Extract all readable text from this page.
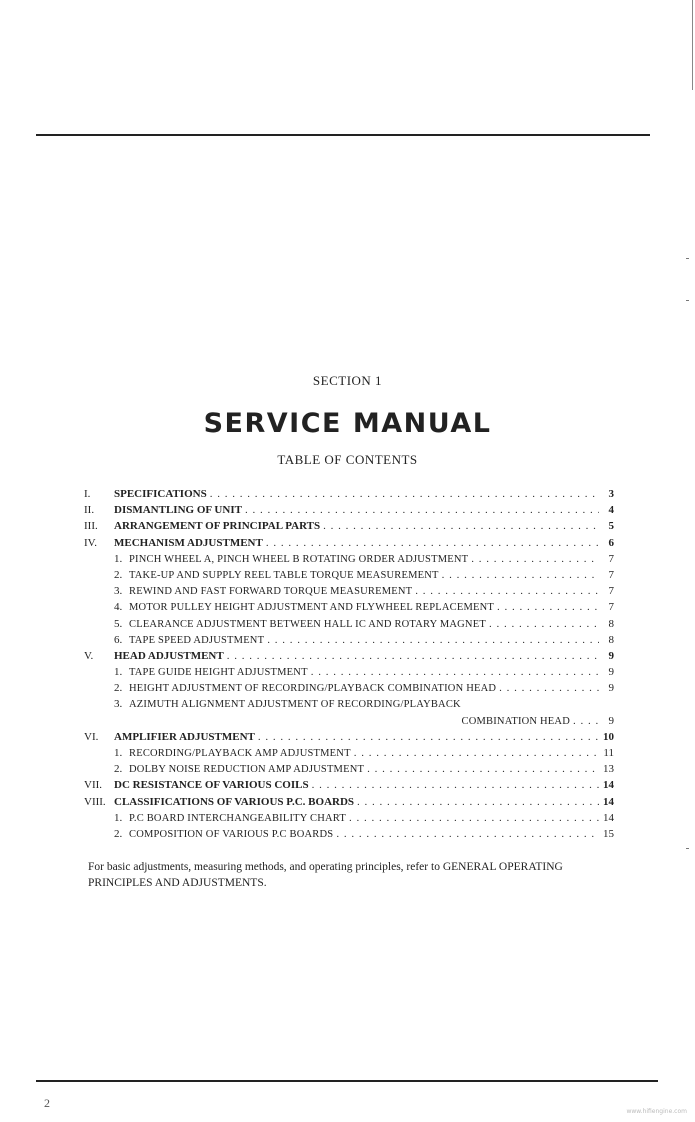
SECTION 1
SERVICE MANUAL
TABLE OF CONTENTS
I.	SPECIFICATIONS . . .	3
II.	DISMANTLING OF UNIT . . .	4
III.	ARRANGEMENT OF PRINCIPAL PARTS . . .	5
IV.	MECHANISM ADJUSTMENT . . .	6
1. PINCH WHEEL A, PINCH WHEEL B ROTATING ORDER ADJUSTMENT . . .	7
2. TAKE-UP AND SUPPLY REEL TABLE TORQUE MEASUREMENT . . .	7
3. REWIND AND FAST FORWARD TORQUE MEASUREMENT . . .	7
4. MOTOR PULLEY HEIGHT ADJUSTMENT AND FLYWHEEL REPLACEMENT . . .	7
5. CLEARANCE ADJUSTMENT BETWEEN HALL IC AND ROTARY MAGNET . . .	8
6. TAPE SPEED ADJUSTMENT . . .	8
V.	HEAD ADJUSTMENT . . .	9
1. TAPE GUIDE HEIGHT ADJUSTMENT . . .	9
2. HEIGHT ADJUSTMENT OF RECORDING/PLAYBACK COMBINATION HEAD . . .	9
3. AZIMUTH ALIGNMENT ADJUSTMENT OF RECORDING/PLAYBACK
COMBINATION HEAD . . .	9
VI.	AMPLIFIER ADJUSTMENT . . .	10
1. RECORDING/PLAYBACK AMP ADJUSTMENT . . .	11
2. DOLBY NOISE REDUCTION AMP ADJUSTMENT . . .	13
VII.	DC RESISTANCE OF VARIOUS COILS . . .	14
VIII. CLASSIFICATIONS OF VARIOUS P.C. BOARDS . . .	14
1. P.C BOARD INTERCHANGEABILITY CHART . . .	14
2. COMPOSITION OF VARIOUS P.C BOARDS . . .	15
For basic adjustments, measuring methods, and operating principles, refer to GENERAL OPERATING PRINCIPLES AND ADJUSTMENTS.
2
www.hifiengine.com
